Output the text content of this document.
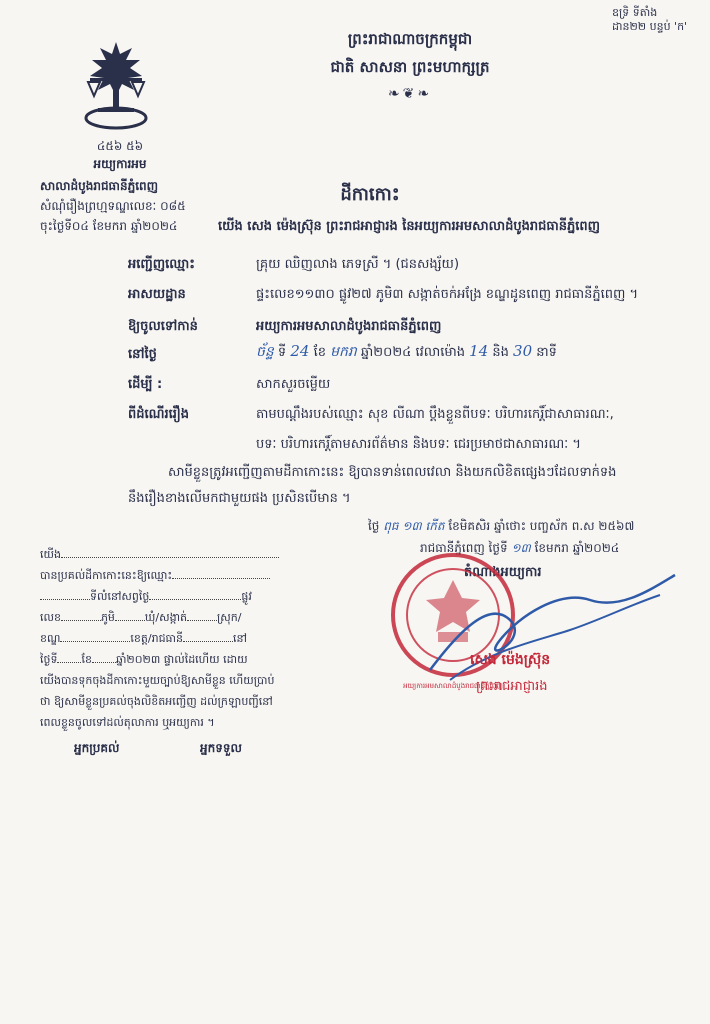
ឧទ្រិ ទីតាំង
ដាន២២ បន្ទប់ 'ក'
ព្រះរាជាណាចក្រកម្ពុជា
ជាតិ សាសនា ព្រះមហាក្សត្រ
❧❦❧
៤៥៦ ៥៦
អយ្យការអម
សាលាដំបូងរាជធានីភ្នំពេញ
សំណុំរឿងព្រហ្មទណ្ឌលេខៈ ០៨៥
ចុះថ្ងៃទី០៤ ខែមករា ឆ្នាំ២០២៤
ដីកាកោះ
យើង សេង ម៉េងស្រ៊ុន ព្រះរាជអាជ្ញារង នៃអយ្យការអមសាលាដំបូងរាជធានីភ្នំពេញ
អញ្ជើញឈ្មោះ	គ្រុយ ឈិញលាង ភេទស្រី ។ (ជនសង្ស័យ)
អាសយដ្ឋាន	ផ្ទះលេខ១១៣០ ផ្លូវ២៧ ភូមិ៣ សង្កាត់ចក់អង្រែ ខណ្ឌដូនពេញ រាជធានីភ្នំពេញ ។
ឱ្យចូលទៅកាន់	អយ្យការអមសាលាដំបូងរាជធានីភ្នំពេញ
នៅថ្ងៃ	ច័ន្ទ ទី 24 ខែ មករា ឆ្នាំ២០២៤ វេលាម៉ោង 14 និង 30 នាទី
ដើម្បី :	សាកសួរចម្លើយ
ពីដំណើររឿង	តាមបណ្តឹងរបស់ឈ្មោះ សុខ លីណា ប្តឹងខ្លួនពីបទៈ បរិហារកេរ្តិ៍ជាសាធារណៈ,
បទៈ បរិហារកេរ្តិ៍តាមសារព័ត៌មាន និងបទៈ ជេរប្រមាថជាសាធារណៈ ។
សាមីខ្លួនត្រូវអញ្ជើញតាមដីកាកោះនេះ ឱ្យបានទាន់ពេលវេលា និងយកលិខិតផ្សេងៗដែលទាក់ទង
នឹងរឿងខាងលើមកជាមួយផង ប្រសិនបើមាន ។
ថ្ងៃ ពុធ ១៣ កើត ខែមិគសិរ ឆ្នាំថោះ បញ្ចស័ក ព.ស ២៥៦៧
រាជធានីភ្នំពេញ ថ្ងៃទី ១៣ ខែមករា ឆ្នាំ២០២៤
តំណាងអយ្យការ
អយ្យការអមសាលាដំបូងរាជធានីភ្នំពេញ
សេង ម៉េងស្រ៊ុន
ព្រះរាជអាជ្ញារង
យើង
បានប្រគល់ដីកាកោះនេះឱ្យឈ្មោះ
ទីលំនៅសព្វថ្ងៃ	ផ្លូវ
លេខ	ភូមិ	ឃុំ/សង្កាត់	ស្រុក/
ខណ្ឌ	ខេត្ត/រាជធានី	នៅ
ថ្ងៃទី ខែ ឆ្នាំ២០២៣ ផ្ទាល់ដៃហើយ ដោយ
យើងបានទុកចុងដីកាកោះមួយច្បាប់ឱ្យសាមីខ្លួន ហើយប្រាប់
ថា ឱ្យសាមីខ្លួនប្រគល់ចុងលិខិតអញ្ជើញ ដល់ក្រឡាបញ្ជីនៅ
ពេលខ្លួនចូលទៅដល់តុលាការ ឬអយ្យការ ។
អ្នកប្រគល់	អ្នកទទួល
